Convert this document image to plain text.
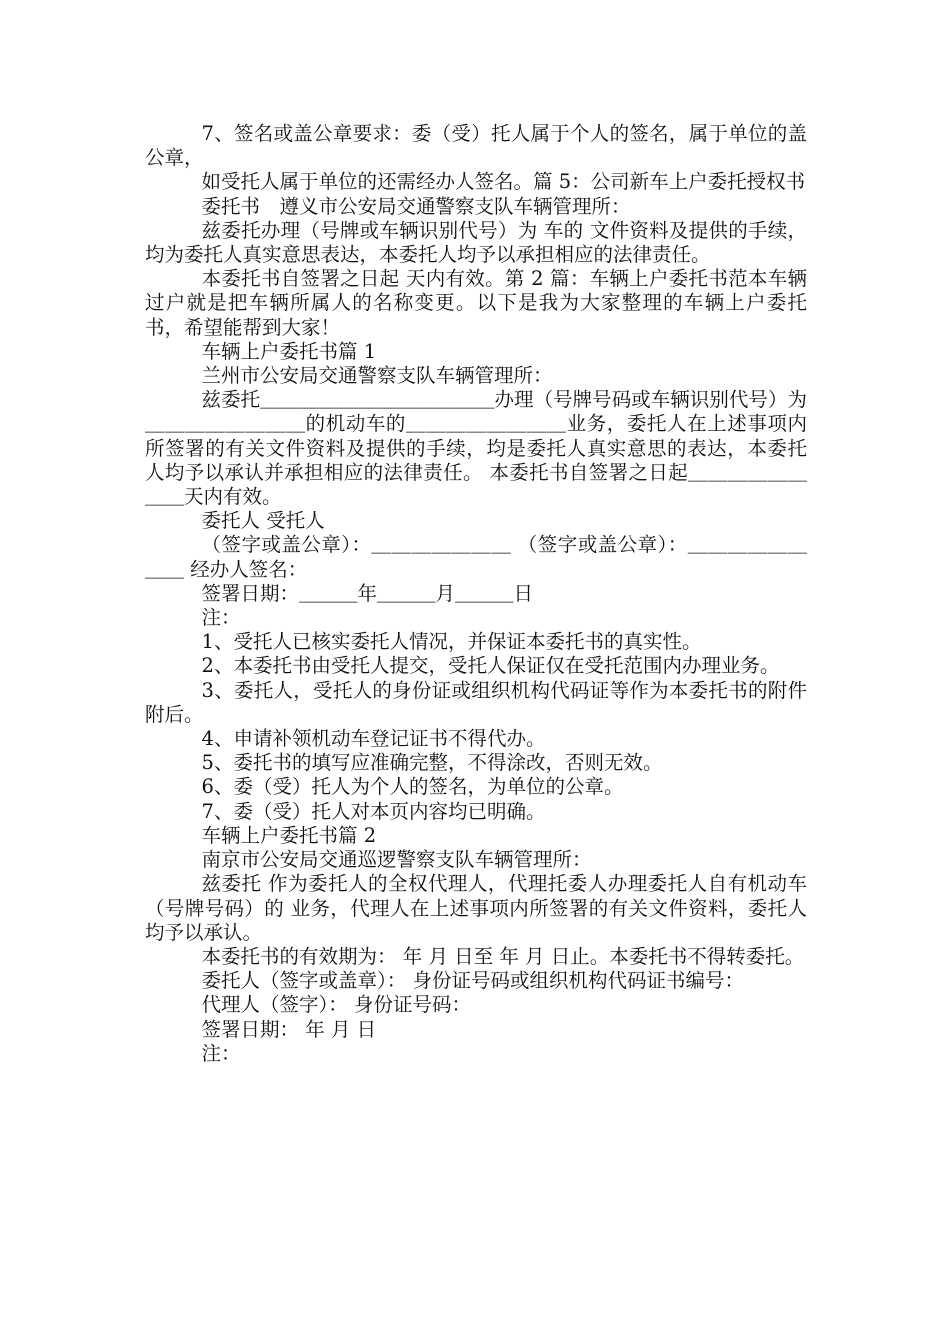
7、签名或盖公章要求：委（受）托人属于个人的签名，属于单位的盖公章，

如受托人属于单位的还需经办人签名。篇 5：公司新车上户委托授权书

委托书　遵义市公安局交通警察支队车辆管理所：

兹委托办理（号牌或车辆识别代号）为 车的 文件资料及提供的手续，均为委托人真实意思表达，本委托人均予以承担相应的法律责任。

本委托书自签署之日起 天内有效。第 2 篇：车辆上户委托书范本车辆过户就是把车辆所属人的名称变更。以下是我为大家整理的车辆上户委托书，希望能帮到大家！

车辆上户委托书篇 1

兰州市公安局交通警察支队车辆管理所：

兹委托＿＿＿＿＿＿＿＿＿＿＿＿办理（号牌号码或车辆识别代号）为＿＿＿＿＿＿＿＿的机动车的＿＿＿＿＿＿＿＿业务，委托人在上述事项内所签署的有关文件资料及提供的手续，均是委托人真实意思的表达，本委托人均予以承认并承担相应的法律责任。 本委托书自签署之日起＿＿＿＿＿＿＿＿天内有效。

委托人 受托人

（签字或盖公章）：＿＿＿＿＿＿＿ （签字或盖公章）：＿＿＿＿＿＿＿＿ 经办人签名：

签署日期：＿＿＿年＿＿＿月＿＿＿日

注：

1、受托人已核实委托人情况，并保证本委托书的真实性。

2、本委托书由受托人提交，受托人保证仅在受托范围内办理业务。

3、委托人，受托人的身份证或组织机构代码证等作为本委托书的附件附后。

4、申请补领机动车登记证书不得代办。

5、委托书的填写应准确完整，不得涂改，否则无效。

6、委（受）托人为个人的签名，为单位的公章。

7、委（受）托人对本页内容均已明确。

车辆上户委托书篇 2

南京市公安局交通巡逻警察支队车辆管理所：

兹委托 作为委托人的全权代理人，代理托委人办理委托人自有机动车 （号牌号码）的 业务，代理人在上述事项内所签署的有关文件资料，委托人均予以承认。

本委托书的有效期为： 年 月 日至 年 月 日止。本委托书不得转委托。

委托人（签字或盖章）： 身份证号码或组织机构代码证书编号：

代理人（签字）： 身份证号码：

签署日期： 年 月 日

注：
